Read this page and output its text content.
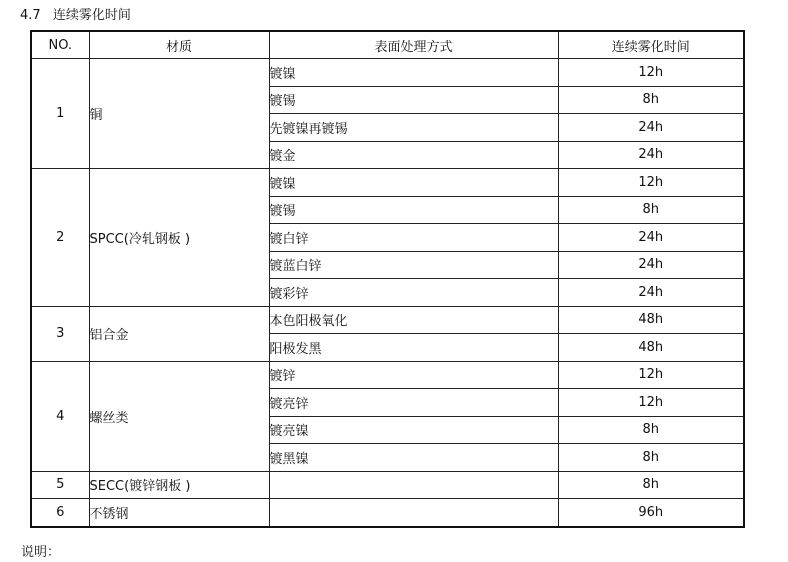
4.7 连续雾化时间
NO.	材质	表面处理方式	连续雾化时间
1	铜	镀镍	12h
		镀锡	8h
		先镀镍再镀锡	24h
		镀金	24h
2	SPCC(冷轧钢板 )	镀镍	12h
		镀锡	8h
		镀白锌	24h
		镀蓝白锌	24h
		镀彩锌	24h
3	铝合金	本色阳极氧化	48h
		阳极发黑	48h
4	螺丝类	镀锌	12h
		镀亮锌	12h
		镀亮镍	8h
		镀黑镍	8h
5	SECC(镀锌钢板 )		8h
6	不锈钢		96h
说明：
